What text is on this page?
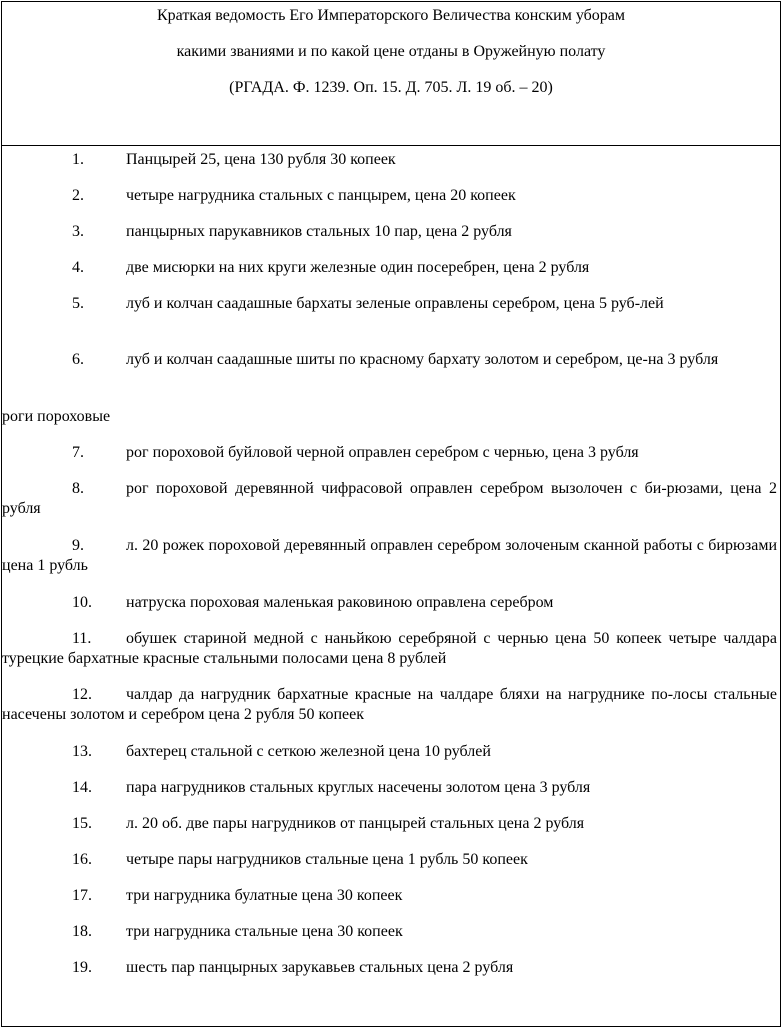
Краткая ведомость Его Императорского Величества конским уборам
какими званиями и по какой цене отданы в Оружейную полату
(РГАДА. Ф. 1239. Оп. 15. Д. 705. Л. 19 об. – 20)
1.	Панцырей 25, цена 130 рубля 30 копеек
2.	четыре нагрудника стальных с панцырем, цена 20 копеек
3.	панцырных парукавников стальных 10 пар, цена 2 рубля
4.	две мисюрки на них круги железные один посеребрен, цена 2 рубля
5.	луб и колчан саадашные бархаты зеленые оправлены серебром, цена 5 руб-лей
6.	луб и колчан саадашные шиты по красному бархату золотом и серебром, це-на 3 рубля
роги пороховые
7.	рог пороховой буйловой черной оправлен серебром с чернью, цена 3 рубля
8.	рог пороховой деревянной чифрасовой оправлен серебром вызолочен с би-рюзами, цена 2 рубля
9.	л. 20 рожек пороховой деревянный оправлен серебром золоченым сканной работы с бирюзами цена 1 рубль
10. натруска пороховая маленькая раковиною оправлена серебром
11. обушек стариной медной с наньйкою серебряной с чернью цена 50 копеек четыре чалдара турецкие бархатные красные стальными полосами цена 8 рублей
12. чалдар да нагрудник бархатные красные на чалдаре бляхи на нагруднике по-лосы стальные насечены золотом и серебром цена 2 рубля 50 копеек
13. бахтерец стальной с сеткою железной цена 10 рублей
14. пара нагрудников стальных круглых насечены золотом цена 3 рубля
15. л. 20 об. две пары нагрудников от панцырей стальных цена 2 рубля
16. четыре пары нагрудников стальные цена 1 рубль 50 копеек
17. три нагрудника булатные цена 30 копеек
18. три нагрудника стальные цена 30 копеек
19. шесть пар панцырных зарукавьев стальных цена 2 рубля
